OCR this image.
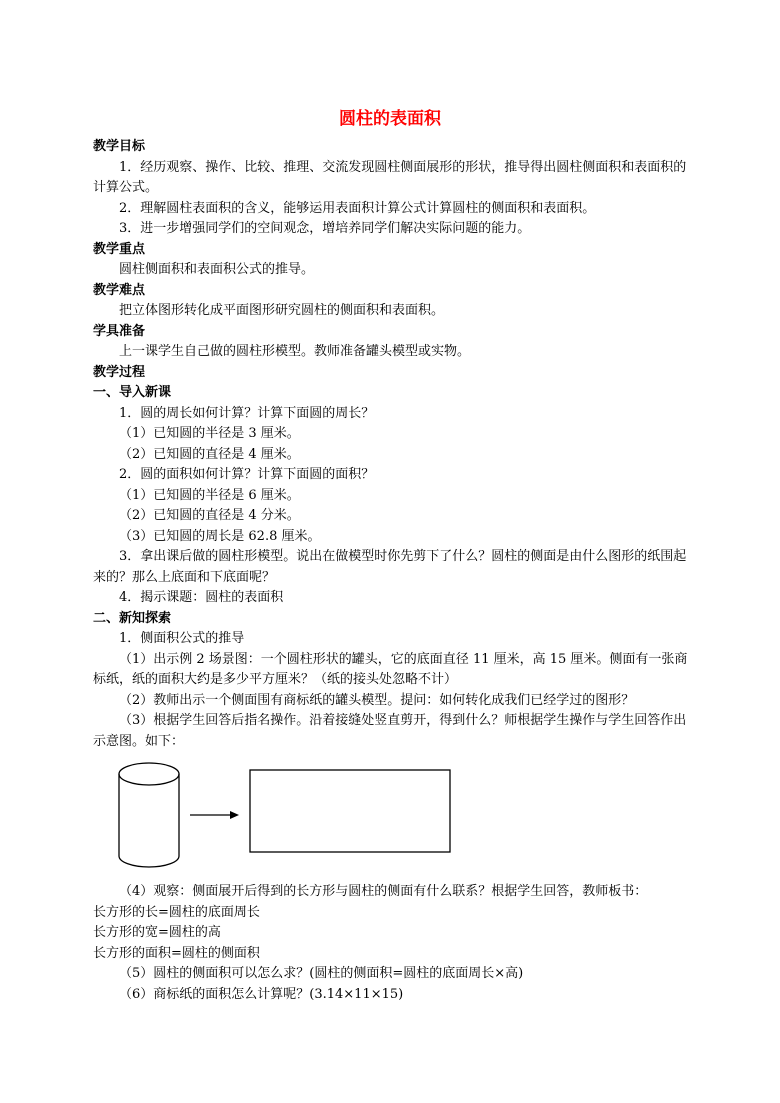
圆柱的表面积
教学目标
1．经历观察、操作、比较、推理、交流发现圆柱侧面展形的形状，推导得出圆柱侧面积和表面积的计算公式。
2．理解圆柱表面积的含义，能够运用表面积计算公式计算圆柱的侧面积和表面积。
3．进一步增强同学们的空间观念，增培养同学们解决实际问题的能力。
教学重点
圆柱侧面积和表面积公式的推导。
教学难点
把立体图形转化成平面图形研究圆柱的侧面积和表面积。
学具准备
上一课学生自己做的圆柱形模型。教师准备罐头模型或实物。
教学过程
一、导入新课
1．圆的周长如何计算？计算下面圆的周长？
（1）已知圆的半径是 3 厘米。
（2）已知圆的直径是 4 厘米。
2．圆的面积如何计算？计算下面圆的面积？
（1）已知圆的半径是 6 厘米。
（2）已知圆的直径是 4 分米。
（3）已知圆的周长是 62.8 厘米。
3．拿出课后做的圆柱形模型。说出在做模型时你先剪下了什么？圆柱的侧面是由什么图形的纸围起来的？那么上底面和下底面呢？
4．揭示课题：圆柱的表面积
二、新知探索
1．侧面积公式的推导
（1）出示例 2 场景图：一个圆柱形状的罐头，它的底面直径 11 厘米，高 15 厘米。侧面有一张商标纸，纸的面积大约是多少平方厘米？（纸的接头处忽略不计）
（2）教师出示一个侧面围有商标纸的罐头模型。提问：如何转化成我们已经学过的图形？
（3）根据学生回答后指名操作。沿着接缝处竖直剪开，得到什么？师根据学生操作与学生回答作出示意图。如下：
（4）观察：侧面展开后得到的长方形与圆柱的侧面有什么联系？根据学生回答，教师板书：
长方形的长=圆柱的底面周长
长方形的宽=圆柱的高
长方形的面积=圆柱的侧面积
（5）圆柱的侧面积可以怎么求？(圆柱的侧面积=圆柱的底面周长×高)
（6）商标纸的面积怎么计算呢？(3.14×11×15)
